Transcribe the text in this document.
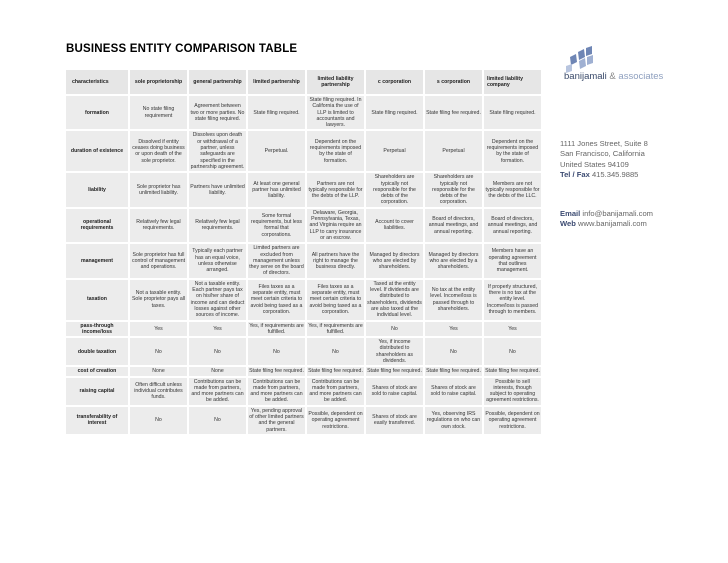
BUSINESS ENTITY COMPARISON TABLE
characteristics	sole proprietorship	general partnership	limited partnership	limited liability partnership	c corporation	s corporation	limited liability company
formation	No state filing requirement	Agreement between two or more parties. No state filing required.	State filing required.	State filing required. In California the use of LLP is limited to accountants and lawyers.	State filing required.	State filing fee required.	State filing required.
duration of existence	Dissolved if entity ceases doing business or upon death of the sole proprietor.	Dissolves upon death or withdrawal of a partner, unless safeguards are specified in the partnership agreement.	Perpetual.	Dependent on the requirements imposed by the state of formation.	Perpetual	Perpetual	Dependent on the requirements imposed by the state of formation.
liability	Sole proprietor has unlimited liability.	Partners have unlimited liability.	At least one general partner has unlimited liability.	Partners are not typically responsible for the debts of the LLP.	Shareholders are typically not responsible for the debts of the corporation.	Shareholders are typically not responsible for the debts of the corporation.	Members are not typically responsible for the debts of the LLC.
operational requirements	Relatively few legal requirements.	Relatively few legal requirements.	Some formal requirements, but less formal that corporations.	Delaware, Georgia, Pennsylvania, Texas, and Virginia require an LLP to carry insurance or an escrow.	Account to cover liabilities.	Board of directors, annual meetings, and annual reporting.	Board of directors, annual meetings, and annual reporting.
management	Sole proprietor has full control of management and operations.	Typically each partner has an equal voice, unless otherwise arranged.	Limited partners are excluded from management unless they serve on the board of directors.	All partners have the right to manage the business directly.	Managed by directors who are elected by shareholders.	Managed by directors who are elected by a shareholders.	Members have an operating agreement that outlines management.
taxation	Not a taxable entity. Sole proprietor pays all taxes.	Not a taxable entity. Each partner pays tax on his/her share of income and can deduct losses against other sources of income.	Files taxes as a separate entity, must meet certain criteria to avoid being taxed as a corporation.	Files taxes as a separate entity, must meet certain criteria to avoid being taxed as a corporation.	Taxed at the entity level. If dividends are distributed to shareholders, dividends are also taxed at the individual level.	No tax at the entity level. Income/loss is passed through to shareholders.	If properly structured, there is no tax at the entity level. Income/loss is passed through to members.
pass-through income/loss	Yes	Yes	Yes, if requirements are fulfilled.	Yes, if requirements are fulfilled.	No	Yes	Yes
double taxation	No	No	No	No	Yes, if income distributed to shareholders as dividends.	No	No
cost of creation	None	None	State filing fee required.	State filing fee required.	State filing fee required.	State filing fee required.	State filing fee required.
raising capital	Often difficult unless individual contributes funds.	Contributions can be made from partners, and more partners can be added.	Contributions can be made from partners, and more partners can be added.	Contributions can be made from partners, and more partners can be added.	Shares of stock are sold to raise capital.	Shares of stock are sold to raise capital.	Possible to sell interests, though subject to operating agreement restrictions.
transferability of interest	No	No	Yes, pending approval of other limited partners and the general partners.	Possible, dependent on operating agreement restrictions.	Shares of stock are easily transferred.	Yes, observing IRS regulations on who can own stock.	Possible, dependent on operating agreement restrictions.
banijamali & associates
1111 Jones Street, Suite 8
San Francisco, California
United States 94109
Tel / Fax 415.345.9885
Email info@banijamali.com
Web www.banijamali.com
